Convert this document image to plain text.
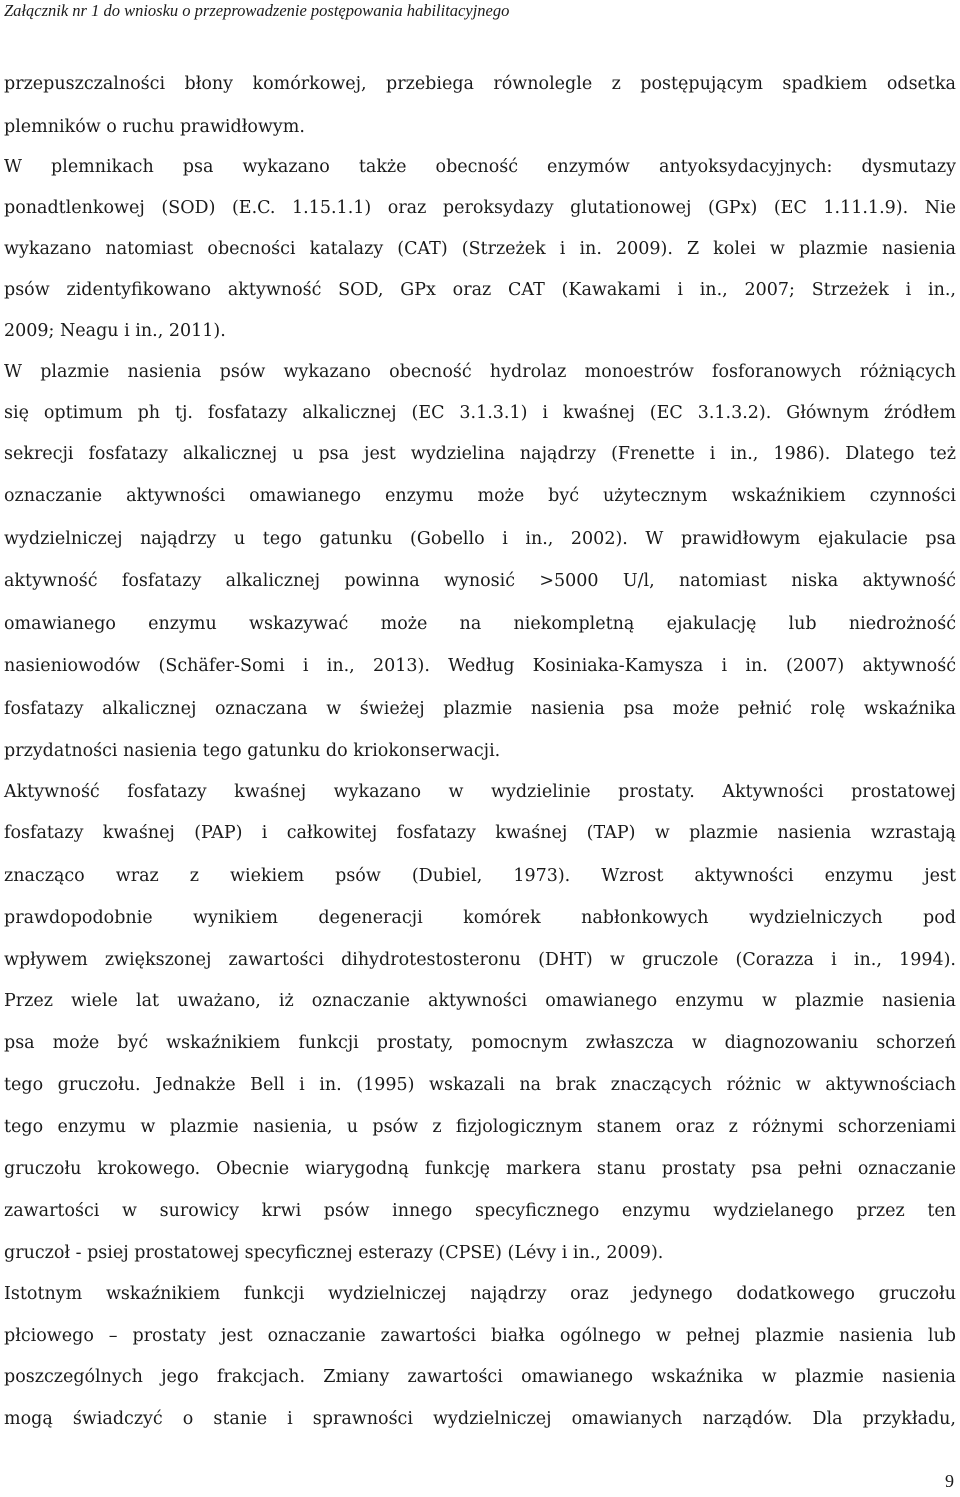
Załącznik nr 1 do wniosku o przeprowadzenie postępowania habilitacyjnego
przepuszczalności błony komórkowej, przebiega równolegle z postępującym spadkiem odsetka
plemników o ruchu prawidłowym.
W plemnikach psa wykazano także obecność enzymów antyoksydacyjnych: dysmutazy
ponadtlenkowej (SOD) (E.C. 1.15.1.1) oraz peroksydazy glutationowej (GPx) (EC 1.11.1.9). Nie
wykazano natomiast obecności katalazy (CAT) (Strzeżek i in. 2009). Z kolei w plazmie nasienia
psów zidentyfikowano aktywność SOD, GPx oraz CAT (Kawakami i in., 2007; Strzeżek i in.,
2009; Neagu i in., 2011).
W plazmie nasienia psów wykazano obecność hydrolaz monoestrów fosforanowych różniących
się optimum ph tj. fosfatazy alkalicznej (EC 3.1.3.1) i kwaśnej (EC 3.1.3.2). Głównym źródłem
sekrecji fosfatazy alkalicznej u psa jest wydzielina najądrzy (Frenette i in., 1986). Dlatego też
oznaczanie aktywności omawianego enzymu może być użytecznym wskaźnikiem czynności
wydzielniczej najądrzy u tego gatunku (Gobello i in., 2002). W prawidłowym ejakulacie psa
aktywność fosfatazy alkalicznej powinna wynosić >5000 U/l, natomiast niska aktywność
omawianego enzymu wskazywać może na niekompletną ejakulację lub niedrożność
nasieniowodów (Schäfer-Somi i in., 2013). Według Kosiniaka-Kamysza i in. (2007) aktywność
fosfatazy alkalicznej oznaczana w świeżej plazmie nasienia psa może pełnić rolę wskaźnika
przydatności nasienia tego gatunku do kriokonserwacji.
Aktywność fosfatazy kwaśnej wykazano w wydzielinie prostaty. Aktywności prostatowej
fosfatazy kwaśnej (PAP) i całkowitej fosfatazy kwaśnej (TAP) w plazmie nasienia wzrastają
znacząco wraz z wiekiem psów (Dubiel, 1973). Wzrost aktywności enzymu jest
prawdopodobnie wynikiem degeneracji komórek nabłonkowych wydzielniczych pod
wpływem zwiększonej zawartości dihydrotestosteronu (DHT) w gruczole (Corazza i in., 1994).
Przez wiele lat uważano, iż oznaczanie aktywności omawianego enzymu w plazmie nasienia
psa może być wskaźnikiem funkcji prostaty, pomocnym zwłaszcza w diagnozowaniu schorzeń
tego gruczołu. Jednakże Bell i in. (1995) wskazali na brak znaczących różnic w aktywnościach
tego enzymu w plazmie nasienia, u psów z fizjologicznym stanem oraz z różnymi schorzeniami
gruczołu krokowego. Obecnie wiarygodną funkcję markera stanu prostaty psa pełni oznaczanie
zawartości w surowicy krwi psów innego specyficznego enzymu wydzielanego przez ten
gruczoł - psiej prostatowej specyficznej esterazy (CPSE) (Lévy i in., 2009).
Istotnym wskaźnikiem funkcji wydzielniczej najądrzy oraz jedynego dodatkowego gruczołu
płciowego – prostaty jest oznaczanie zawartości białka ogólnego w pełnej plazmie nasienia lub
poszczególnych jego frakcjach. Zmiany zawartości omawianego wskaźnika w plazmie nasienia
mogą świadczyć o stanie i sprawności wydzielniczej omawianych narządów. Dla przykładu,
9
